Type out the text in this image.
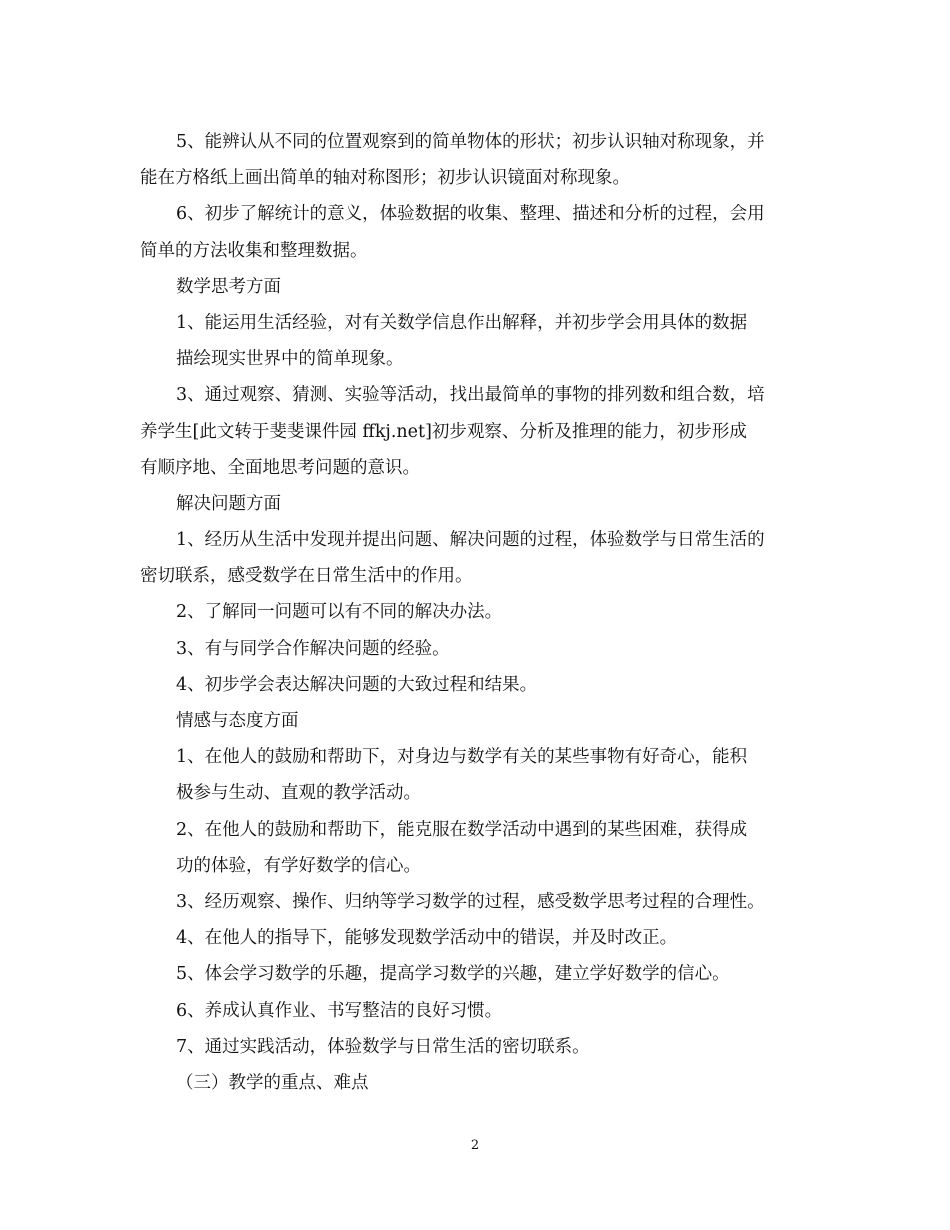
5、能辨认从不同的位置观察到的简单物体的形状；初步认识轴对称现象，并
能在方格纸上画出简单的轴对称图形；初步认识镜面对称现象。
6、初步了解统计的意义，体验数据的收集、整理、描述和分析的过程，会用
简单的方法收集和整理数据。
数学思考方面
1、能运用生活经验，对有关数学信息作出解释，并初步学会用具体的数据
描绘现实世界中的简单现象。
3、通过观察、猜测、实验等活动，找出最简单的事物的排列数和组合数，培
养学生[此文转于斐斐课件园 ffkj.net]初步观察、分析及推理的能力，初步形成
有顺序地、全面地思考问题的意识。
解决问题方面
1、经历从生活中发现并提出问题、解决问题的过程，体验数学与日常生活的
密切联系，感受数学在日常生活中的作用。
2、了解同一问题可以有不同的解决办法。
3、有与同学合作解决问题的经验。
4、初步学会表达解决问题的大致过程和结果。
情感与态度方面
1、在他人的鼓励和帮助下，对身边与数学有关的某些事物有好奇心，能积
极参与生动、直观的教学活动。
2、在他人的鼓励和帮助下，能克服在数学活动中遇到的某些困难，获得成
功的体验，有学好数学的信心。
3、经历观察、操作、归纳等学习数学的过程，感受数学思考过程的合理性。
4、在他人的指导下，能够发现数学活动中的错误，并及时改正。
5、体会学习数学的乐趣，提高学习数学的兴趣，建立学好数学的信心。
6、养成认真作业、书写整洁的良好习惯。
7、通过实践活动，体验数学与日常生活的密切联系。
（三）教学的重点、难点
2
